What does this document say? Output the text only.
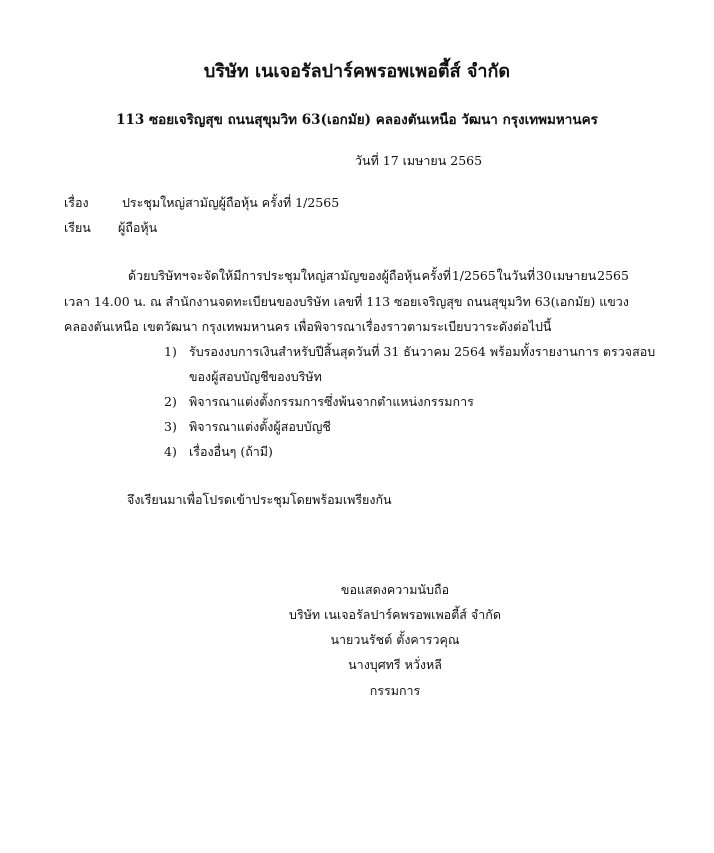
บริษัท เนเจอรัลปาร์คพรอพเพอตี้ส์ จำกัด
113 ซอยเจริญสุข ถนนสุขุมวิท 63(เอกมัย) คลองตันเหนือ วัฒนา กรุงเทพมหานคร
วันที่ 17 เมษายน 2565
เรื่อง	ประชุมใหญ่สามัญผู้ถือหุ้น ครั้งที่ 1/2565
เรียน ผู้ถือหุ้น
ด้วยบริษัทฯ จะจัดให้มีการประชุมใหญ่สามัญของผู้ถือหุ้น ครั้งที่ 1/2565 ในวันที่ 30 เมษายน 2565
เวลา 14.00 น. ณ สำนักงานจดทะเบียนของบริษัท เลขที่ 113 ซอยเจริญสุข ถนนสุขุมวิท 63(เอกมัย) แขวง
คลองตันเหนือ เขตวัฒนา กรุงเทพมหานคร เพื่อพิจารณาเรื่องราวตามระเบียบวาระดังต่อไปนี้
1) รับรองงบการเงินสำหรับปีสิ้นสุดวันที่ 31 ธันวาคม 2564 พร้อมทั้งรายงานการ ตรวจสอบ
ของผู้สอบบัญชีของบริษัท
2) พิจารณาแต่งตั้งกรรมการซึ่งพ้นจากตำแหน่งกรรมการ
3) พิจารณาแต่งตั้งผู้สอบบัญชี
4) เรื่องอื่นๆ (ถ้ามี)
จึงเรียนมาเพื่อโปรดเข้าประชุมโดยพร้อมเพรียงกัน
ขอแสดงความนับถือ
บริษัท เนเจอรัลปาร์คพรอพเพอตี้ส์ จำกัด
นายวนรัชต์ ตั้งคารวคุณ
นางบุศทรี หวั่งหลี
กรรมการ
